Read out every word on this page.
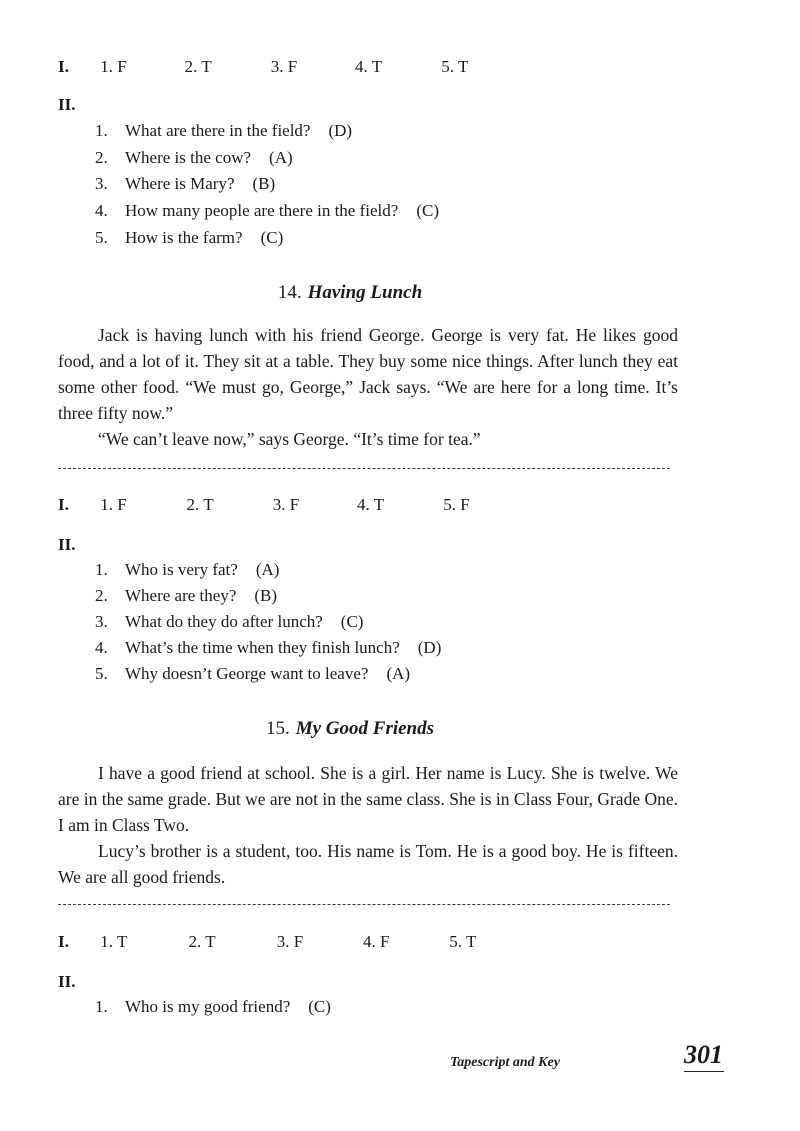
I. 1. F	2. T	3. F	4. T	5. T
II.
1. What are there in the field? (D)
2. Where is the cow? (A)
3. Where is Mary? (B)
4. How many people are there in the field? (C)
5. How is the farm? (C)
14. Having Lunch

Jack is having lunch with his friend George. George is very fat. He likes good food, and a lot of it. They sit at a table. They buy some nice things. After lunch they eat some other food. “We must go, George,” Jack says. “We are here for a long time. It’s three fifty now.”

“We can’t leave now,” says George. “It’s time for tea.”

I. 1. F	2. T	3. F	4. T	5. F
II.
1. Who is very fat? (A)
2. Where are they? (B)
3. What do they do after lunch? (C)
4. What’s the time when they finish lunch? (D)
5. Why doesn’t George want to leave? (A)
15. My Good Friends

I have a good friend at school. She is a girl. Her name is Lucy. She is twelve. We are in the same grade. But we are not in the same class. She is in Class Four, Grade One. I am in Class Two.

Lucy’s brother is a student, too. His name is Tom. He is a good boy. He is fifteen. We are all good friends.

I. 1. T	2. T	3. F	4. F	5. T
II.
1. Who is my good friend? (C)
Tapescript and Key	301
